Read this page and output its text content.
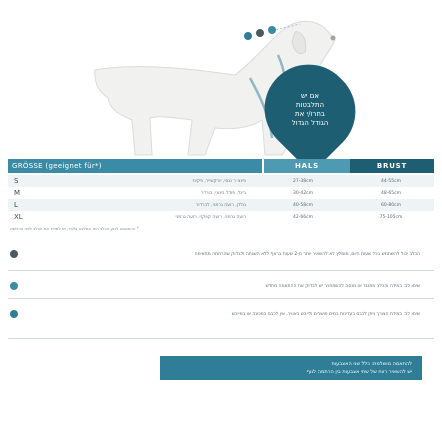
אם יש
התלבטות
בחרו/י את
הגודל הגדול
GRÖSSE (geeignet für*)	HALS	BRUST
S	פינצ׳ר ננסי, יורקשייר, פקינז	27-38cm	44-55cm
M	ביגל, פודל בינוני, בורדר	30-42cm	48-65cm
L	גולדן, רועה גרמני, לברדור	40-58cm	60-80cm
XL	רועה גרמני, רועה קווקזי, רועה גרמני	42-66cm	75-105cm
* ההתאמה לגזע הכלב היא המלצה בלבד, יש למדוד את הכלב לפני הרכישה
הכלב יכול להשתמש בכל שעות היום, מומלץ לא להשאיר יותר מ-2 שעות ברצף ללא השגחה ולבדוק שהרתמה מתאימה
שימו לב: במידה והכלב מתנגד או מנסה להשתחרר יש לבדוק את ההתאמה מחדש
שימו לב: במידת הצורך ניתן לכבס בעדינות במים פושרים ולייבש באוויר, אין לכבס במכונה או במייבש
להתאמה מושלמת: כלל שני האצבעות
יש להשאיר רווח של שתי אצבעות בין הרתמה לגוף
